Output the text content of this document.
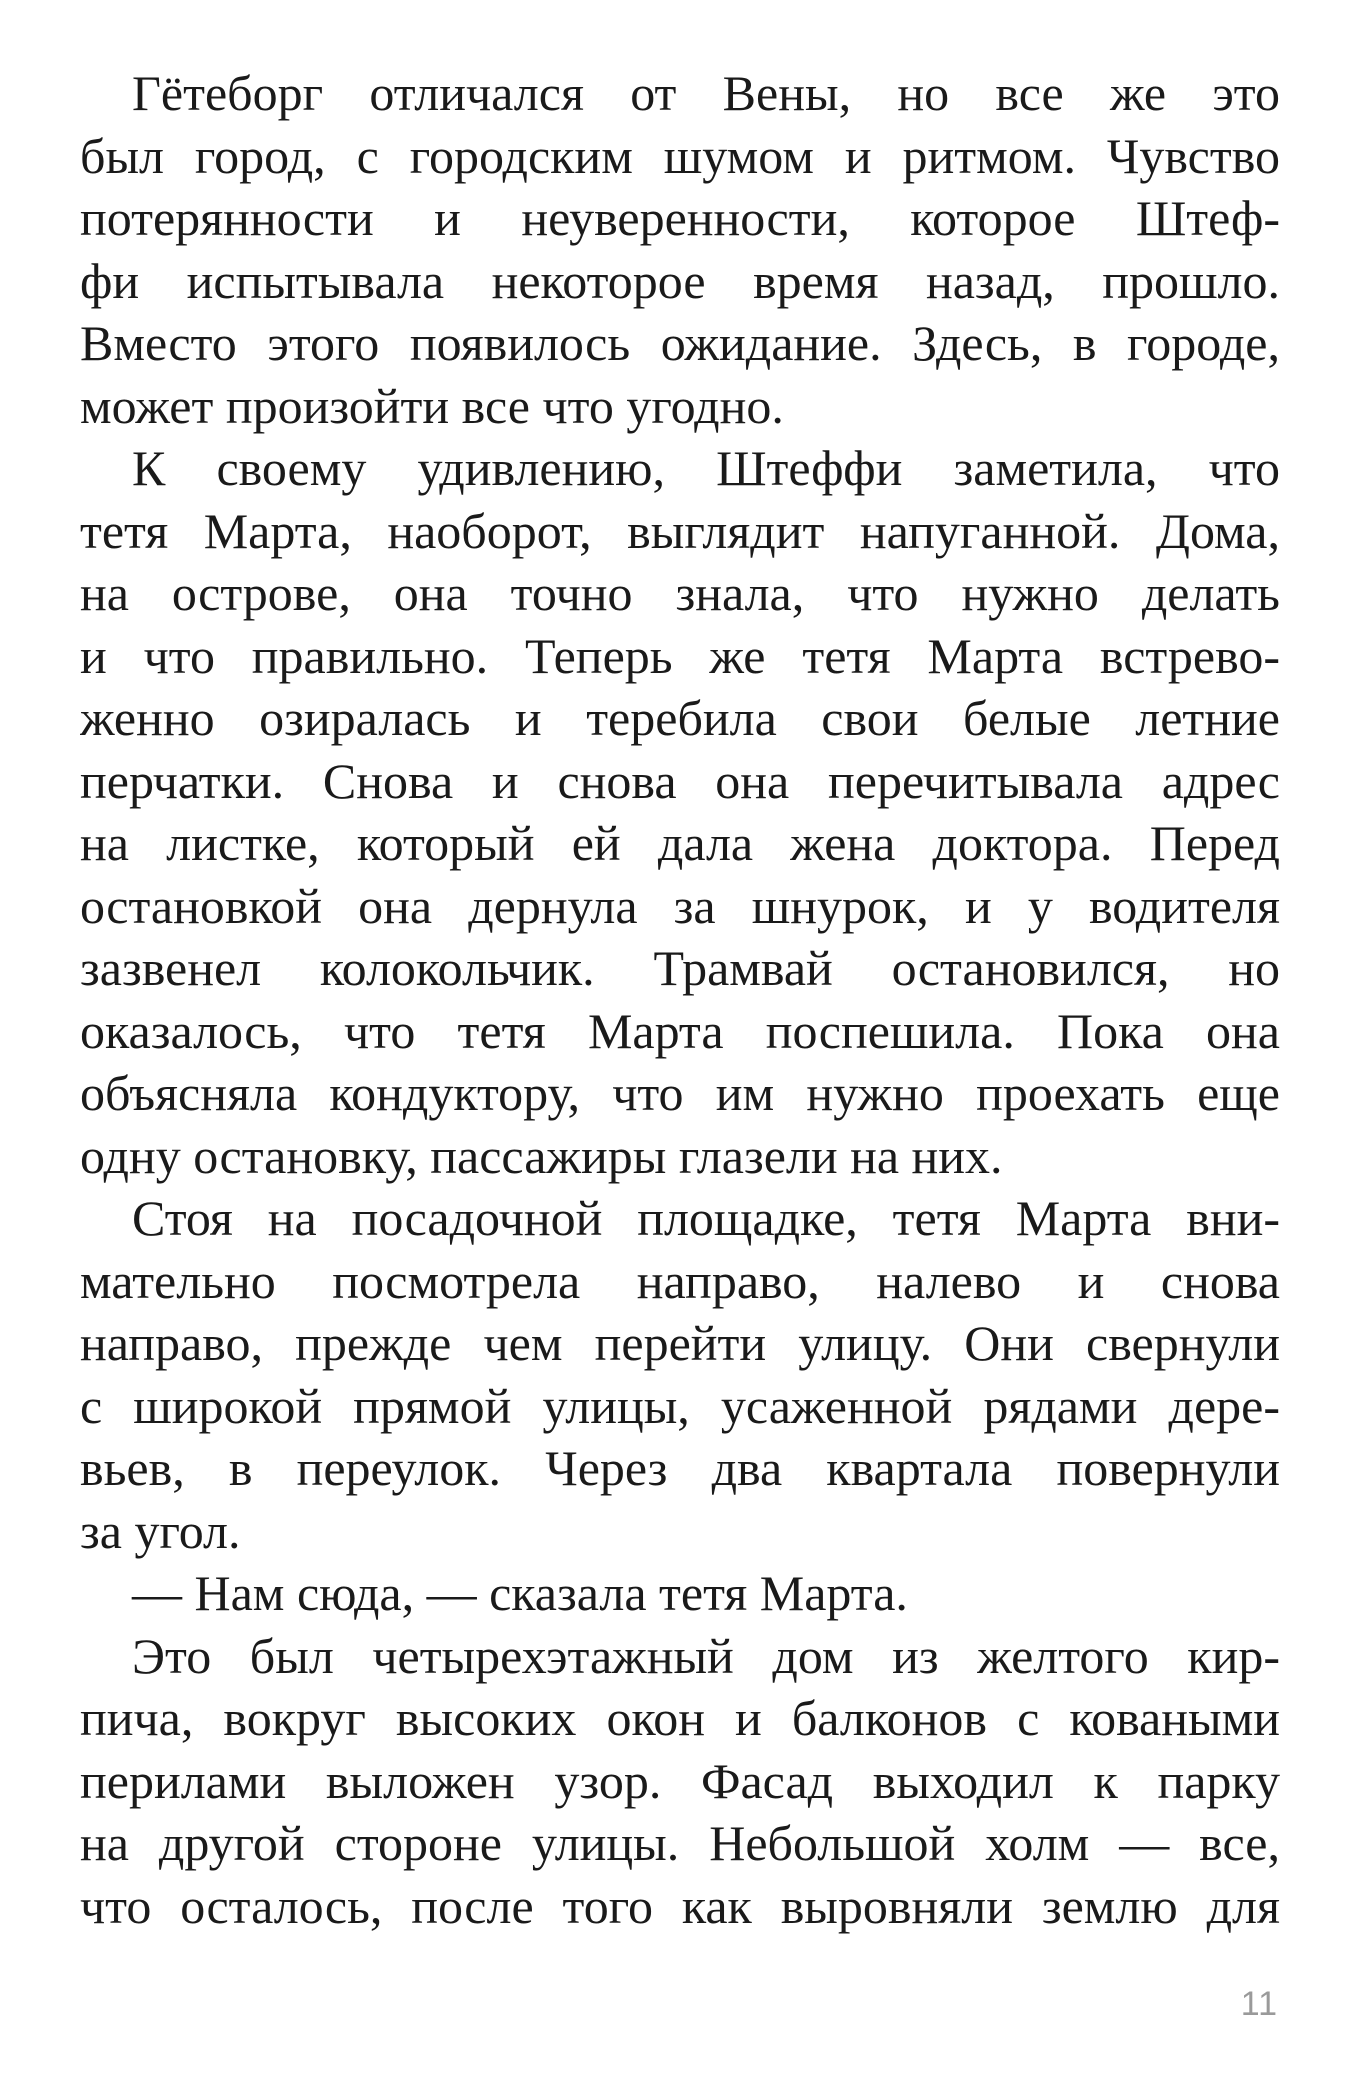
Гётеборг отличался от Вены, но все же это
был город, с городским шумом и ритмом. Чувство
потерянности и неуверенности, которое Штеф-
фи испытывала некоторое время назад, прошло.
Вместо этого появилось ожидание. Здесь, в городе,
может произойти все что угодно.
К своему удивлению, Штеффи заметила, что
тетя Марта, наоборот, выглядит напуганной. Дома,
на острове, она точно знала, что нужно делать
и что правильно. Теперь же тетя Марта встрево-
женно озиралась и теребила свои белые летние
перчатки. Снова и снова она перечитывала адрес
на листке, который ей дала жена доктора. Перед
остановкой она дернула за шнурок, и у водителя
зазвенел колокольчик. Трамвай остановился, но
оказалось, что тетя Марта поспешила. Пока она
объясняла кондуктору, что им нужно проехать еще
одну остановку, пассажиры глазели на них.
Стоя на посадочной площадке, тетя Марта вни-
мательно посмотрела направо, налево и снова
направо, прежде чем перейти улицу. Они свернули
с широкой прямой улицы, усаженной рядами дере-
вьев, в переулок. Через два квартала повернули
за угол.
— Нам сюда, — сказала тетя Марта.
Это был четырехэтажный дом из желтого кир-
пича, вокруг высоких окон и балконов с коваными
перилами выложен узор. Фасад выходил к парку
на другой стороне улицы. Небольшой холм — все,
что осталось, после того как выровняли землю для
11
